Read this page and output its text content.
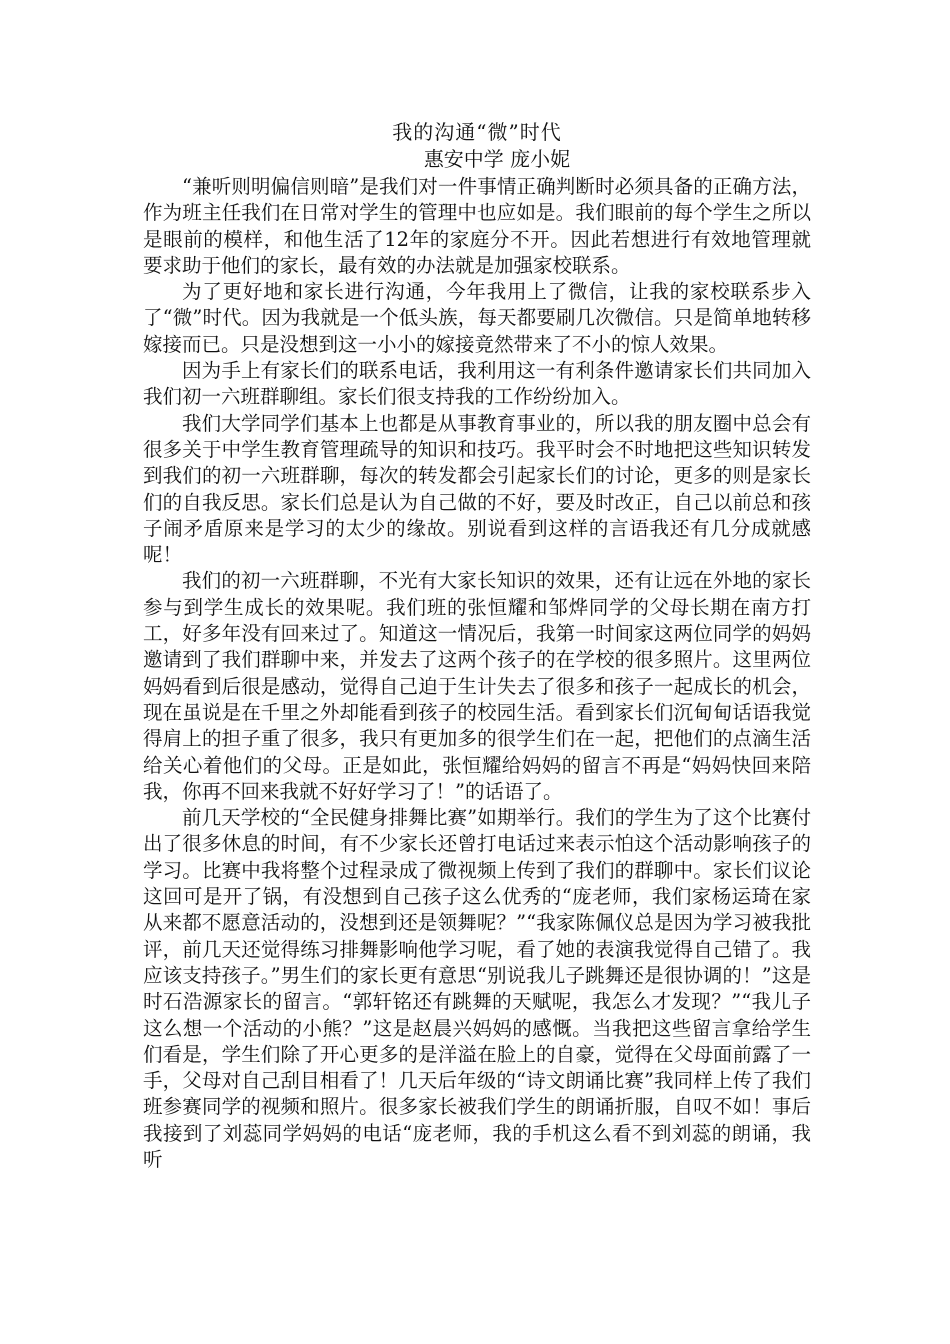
我的沟通“微”时代
惠安中学 庞小妮

“兼听则明偏信则暗”是我们对一件事情正确判断时必须具备的正确方法，作为班主任我们在日常对学生的管理中也应如是。我们眼前的每个学生之所以是眼前的模样，和他生活了12年的家庭分不开。因此若想进行有效地管理就要求助于他们的家长，最有效的办法就是加强家校联系。

为了更好地和家长进行沟通，今年我用上了微信，让我的家校联系步入了“微”时代。因为我就是一个低头族，每天都要刷几次微信。只是简单地转移嫁接而已。只是没想到这一小小的嫁接竟然带来了不小的惊人效果。

因为手上有家长们的联系电话，我利用这一有利条件邀请家长们共同加入我们初一六班群聊组。家长们很支持我的工作纷纷加入。

我们大学同学们基本上也都是从事教育事业的，所以我的朋友圈中总会有很多关于中学生教育管理疏导的知识和技巧。我平时会不时地把这些知识转发到我们的初一六班群聊，每次的转发都会引起家长们的讨论，更多的则是家长们的自我反思。家长们总是认为自己做的不好，要及时改正，自己以前总和孩子闹矛盾原来是学习的太少的缘故。别说看到这样的言语我还有几分成就感呢！

我们的初一六班群聊，不光有大家长知识的效果，还有让远在外地的家长参与到学生成长的效果呢。我们班的张恒耀和邹烨同学的父母长期在南方打工，好多年没有回来过了。知道这一情况后，我第一时间家这两位同学的妈妈邀请到了我们群聊中来，并发去了这两个孩子的在学校的很多照片。这里两位妈妈看到后很是感动，觉得自己迫于生计失去了很多和孩子一起成长的机会，现在虽说是在千里之外却能看到孩子的校园生活。看到家长们沉甸甸话语我觉得肩上的担子重了很多，我只有更加多的很学生们在一起，把他们的点滴生活给关心着他们的父母。正是如此，张恒耀给妈妈的留言不再是“妈妈快回来陪我，你再不回来我就不好好学习了！”的话语了。

前几天学校的“全民健身排舞比赛”如期举行。我们的学生为了这个比赛付出了很多休息的时间，有不少家长还曾打电话过来表示怕这个活动影响孩子的学习。比赛中我将整个过程录成了微视频上传到了我们的群聊中。家长们议论这回可是开了锅，有没想到自己孩子这么优秀的“庞老师，我们家杨运琦在家从来都不愿意活动的，没想到还是领舞呢？”“我家陈佩仪总是因为学习被我批评，前几天还觉得练习排舞影响他学习呢，看了她的表演我觉得自己错了。我应该支持孩子。”男生们的家长更有意思“别说我儿子跳舞还是很协调的！”这是时石浩源家长的留言。“郭轩铭还有跳舞的天赋呢，我怎么才发现？”“我儿子这么想一个活动的小熊？”这是赵晨兴妈妈的感慨。当我把这些留言拿给学生们看是，学生们除了开心更多的是洋溢在脸上的自豪，觉得在父母面前露了一手，父母对自己刮目相看了！几天后年级的“诗文朗诵比赛”我同样上传了我们班参赛同学的视频和照片。很多家长被我们学生的朗诵折服，自叹不如！事后我接到了刘蕊同学妈妈的电话“庞老师，我的手机这么看不到刘蕊的朗诵，我听
